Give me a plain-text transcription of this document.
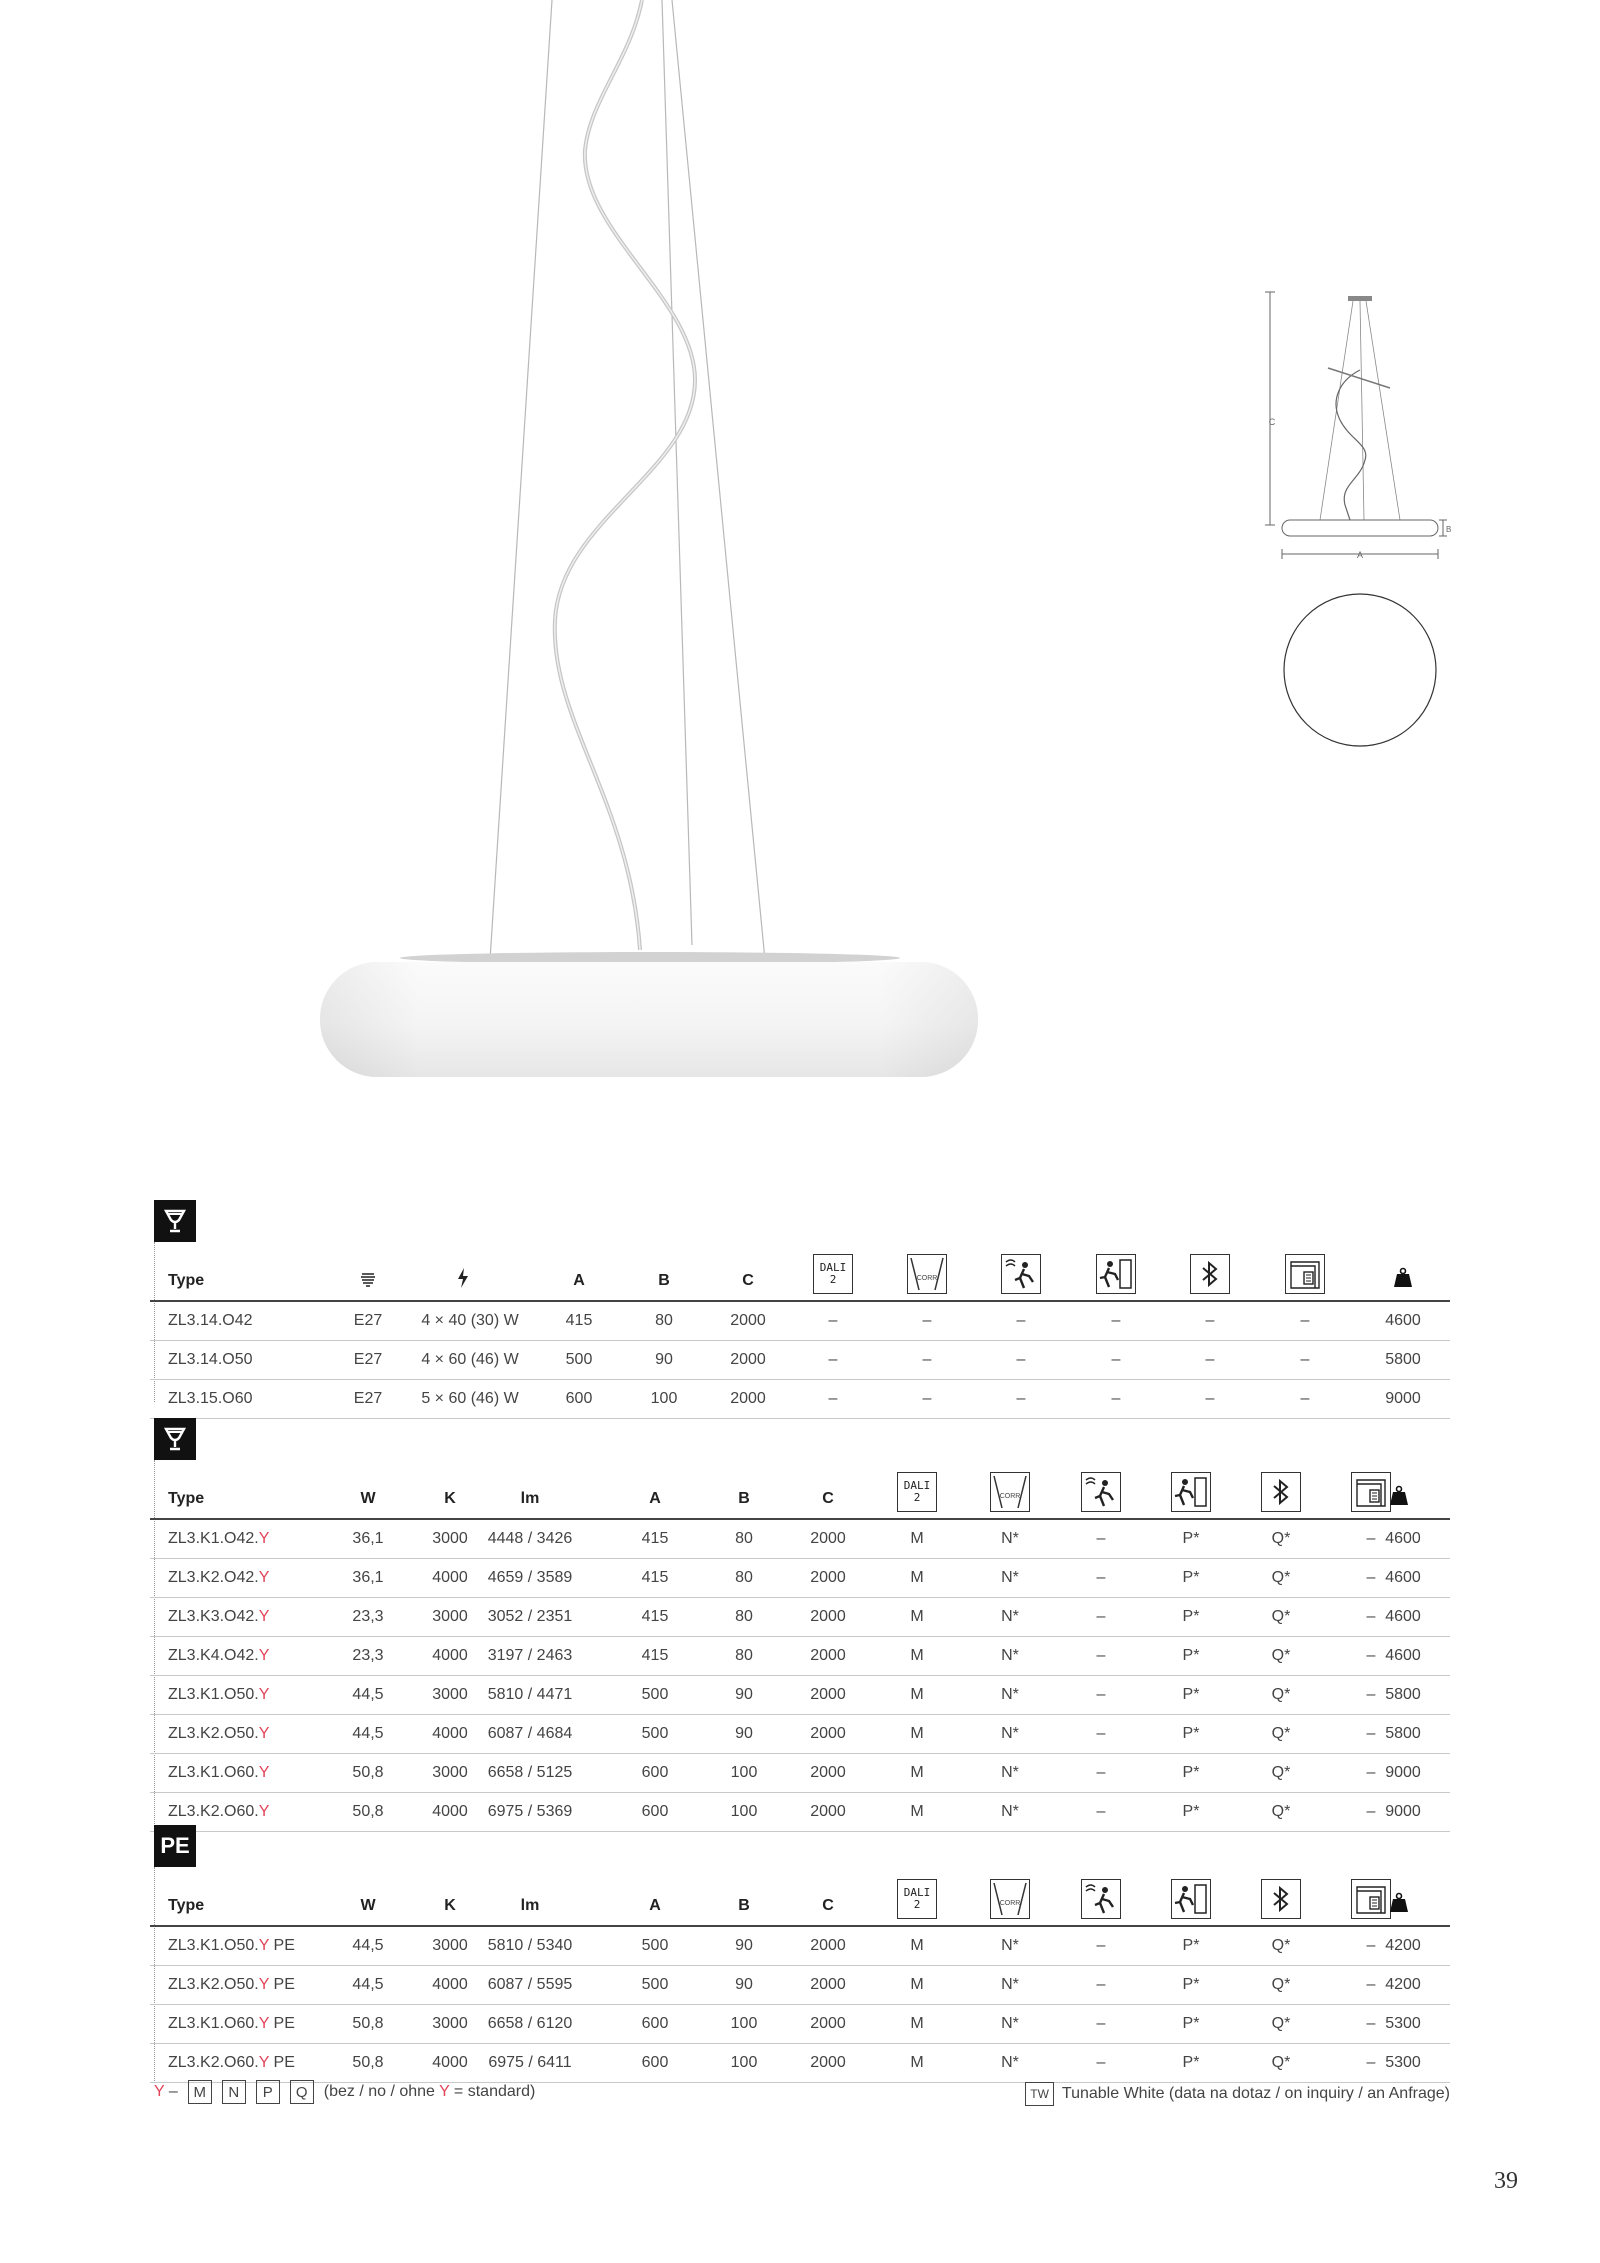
C
B
A
Type	A	B	C
DALI
2	CORR
ZL3.14.O42	E27 4 × 40 (30) W	415	80	2000	–	–	–	–	–	–	4600
ZL3.14.O50	E27 4 × 60 (46) W	500	90	2000	–	–	–	–	–	–	5800
ZL3.15.O60	E27 5 × 60 (46) W	600	100	2000	–	–	–	–	–	–	9000
Type	W	K	lm	A	B	C
DALI
2	CORR
ZL3.K1.O42.Y	36,1	3000 4448 / 3426	415	80	2000	M	N*	–	P*	Q*	– 4600
ZL3.K2.O42.Y	36,1	4000 4659 / 3589	415	80	2000	M	N*	–	P*	Q*	– 4600
ZL3.K3.O42.Y	23,3	3000 3052 / 2351	415	80	2000	M	N*	–	P*	Q*	– 4600
ZL3.K4.O42.Y	23,3	4000 3197 / 2463	415	80	2000	M	N*	–	P*	Q*	– 4600
ZL3.K1.O50.Y	44,5	3000 5810 / 4471	500	90	2000	M	N*	–	P*	Q*	– 5800
ZL3.K2.O50.Y	44,5	4000 6087 / 4684	500	90	2000	M	N*	–	P*	Q*	– 5800
ZL3.K1.O60.Y	50,8	3000 6658 / 5125	600	100	2000	M	N*	–	P*	Q*	– 9000
ZL3.K2.O60.Y	50,8	4000 6975 / 5369	600	100	2000	M	N*	–	P*	Q*	– 9000
PE
Type	W	K	lm	A	B	C
DALI
2	CORR
ZL3.K1.O50.Y PE	44,5	3000 5810 / 5340	500	90	2000	M	N*	–	P*	Q*	– 4200
ZL3.K2.O50.Y PE	44,5	4000 6087 / 5595	500	90	2000	M	N*	–	P*	Q*	– 4200
ZL3.K1.O60.Y PE	50,8	3000 6658 / 6120	600	100	2000	M	N*	–	P*	Q*	– 5300
ZL3.K2.O60.Y PE	50,8	4000 6975 / 6411	600	100	2000	M	N*	–	P*	Q*	– 5300
Y –	M	N	P	Q	(bez / no / ohne Y = standard)	TW Tunable White (data na dotaz / on inquiry / an Anfrage)
39
